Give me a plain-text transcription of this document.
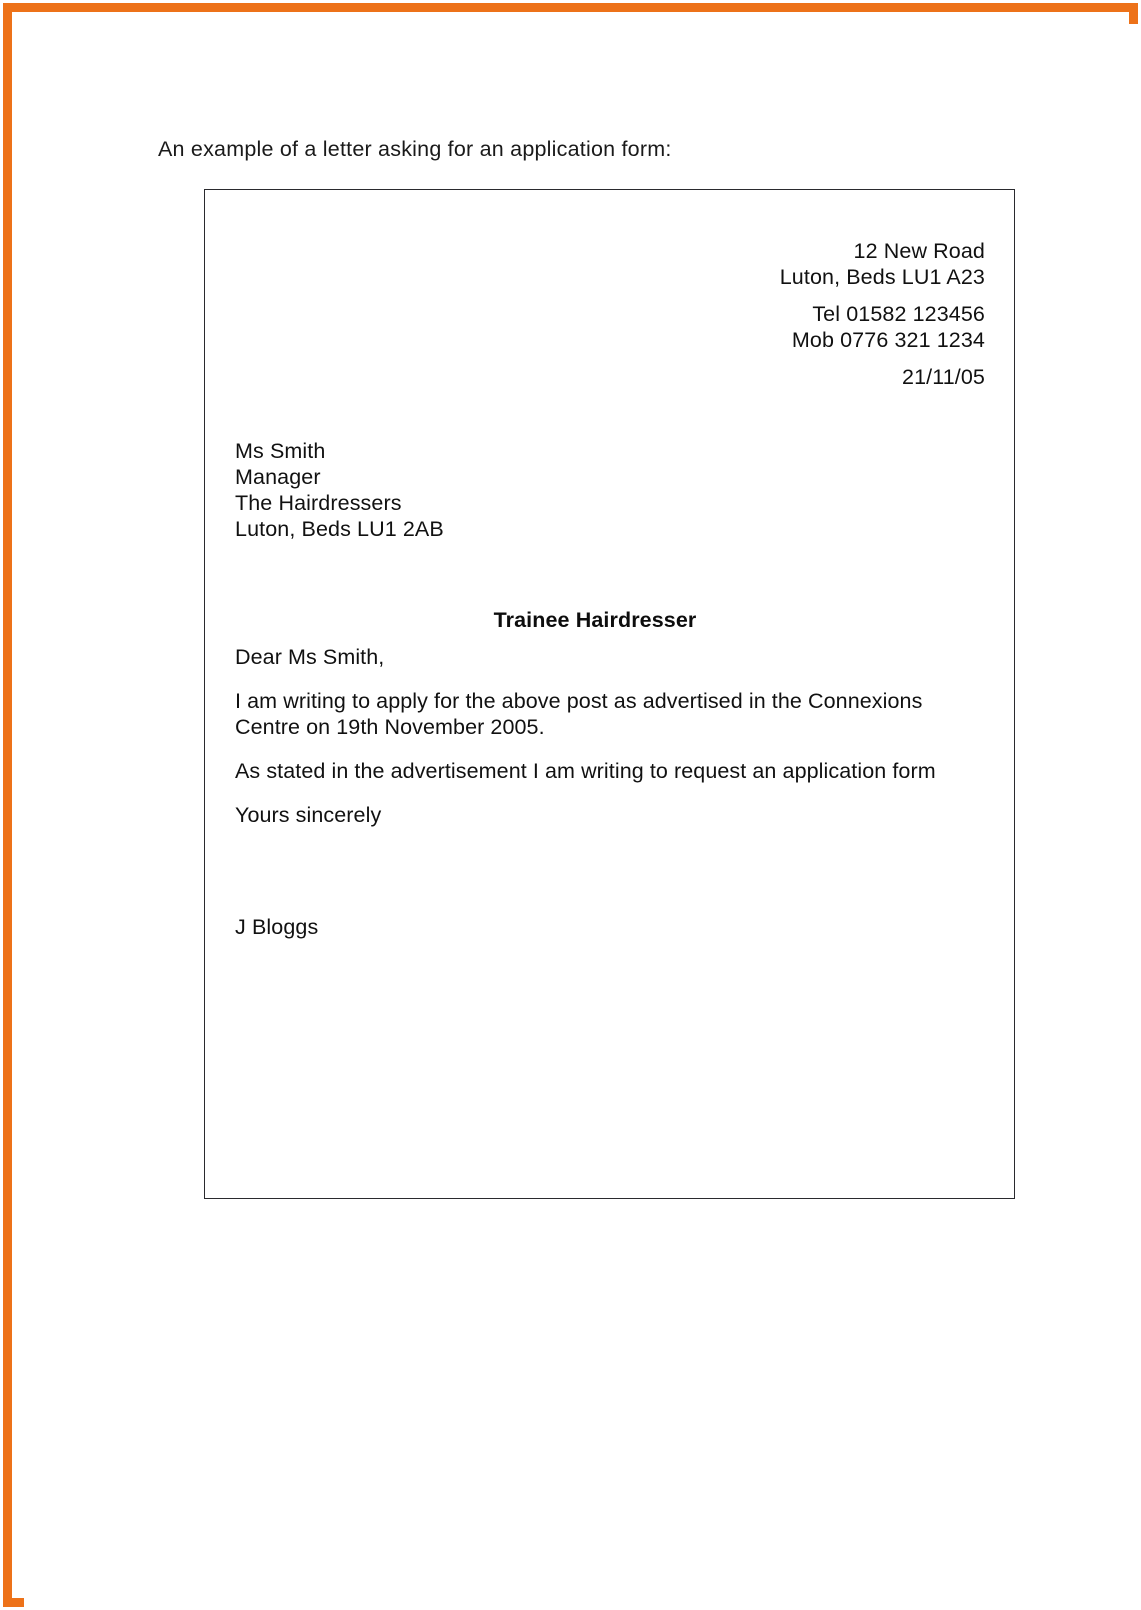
An example of a letter asking for an application form:
12 New Road
Luton, Beds LU1 A23
Tel 01582 123456
Mob 0776 321 1234
21/11/05
Ms Smith
Manager
The Hairdressers
Luton, Beds LU1 2AB
Trainee Hairdresser

Dear Ms Smith,

I am writing to apply for the above post as advertised in the Connexions Centre on 19th November 2005.

As stated in the advertisement I am writing to request an application form

Yours sincerely

J Bloggs
